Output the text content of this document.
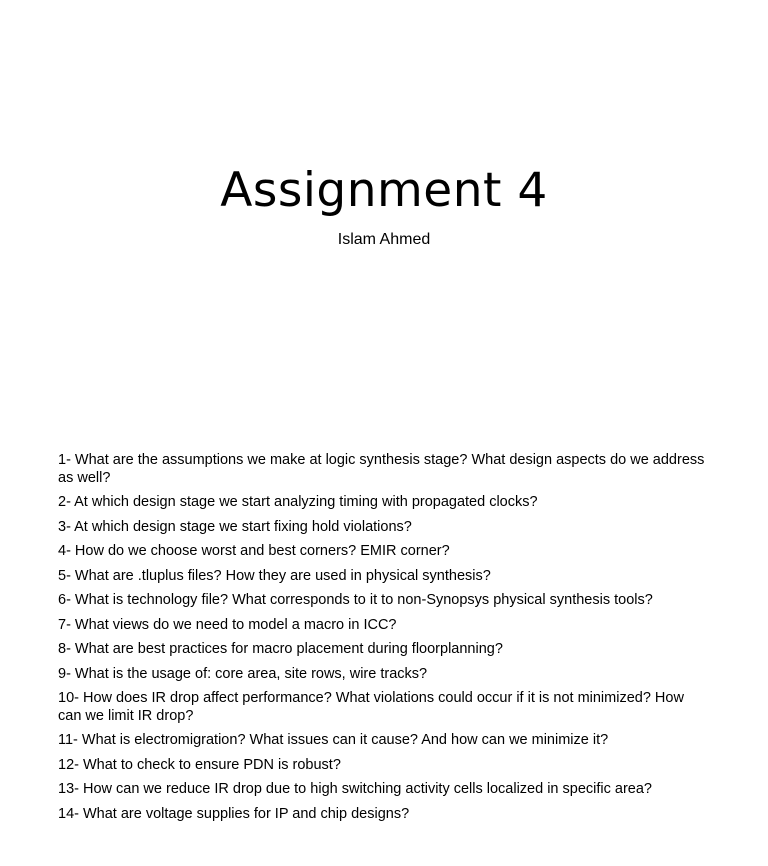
Assignment 4
Islam Ahmed
1- What are the assumptions we make at logic synthesis stage? What design aspects do we address as well?
2- At which design stage we start analyzing timing with propagated clocks?
3- At which design stage we start fixing hold violations?
4- How do we choose worst and best corners? EMIR corner?
5- What are .tluplus files? How they are used in physical synthesis?
6- What is technology file? What corresponds to it to non-Synopsys physical synthesis tools?
7- What views do we need to model a macro in ICC?
8- What are best practices for macro placement during floorplanning?
9- What is the usage of: core area, site rows, wire tracks?
10- How does IR drop affect performance? What violations could occur if it is not minimized? How can we limit IR drop?
11- What is electromigration? What issues can it cause? And how can we minimize it?
12- What to check to ensure PDN is robust?
13- How can we reduce IR drop due to high switching activity cells localized in specific area?
14- What are voltage supplies for IP and chip designs?
